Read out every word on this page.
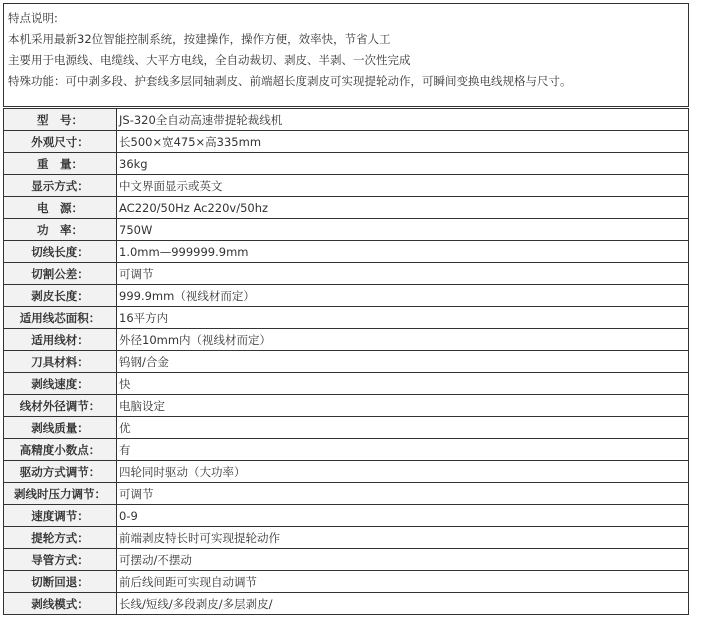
特点说明:
本机采用最新32位智能控制系统，按建操作，操作方便，效率快，节省人工
主要用于电源线、电缆线、大平方电线，全自动裁切、剥皮、半剥、一次性完成
特殊功能：可中剥多段、护套线多层同轴剥皮、前端超长度剥皮可实现提轮动作，可瞬间变换电线规格与尺寸。
型　号：	JS-320全自动高速带提轮裁线机
外观尺寸：	长500×宽475×高335mm
重　量：	36kg
显示方式：	中文界面显示或英文
电　源：	AC220/50Hz Ac220v/50hz
功　率：	750W
切线长度：	1.0mm—999999.9mm
切割公差：	可调节
剥皮长度：	999.9mm（视线材而定）
适用线芯面积：	16平方内
适用线材：	外径10mm内（视线材而定）
刀具材料：	钨钢/合金
剥线速度：	快
线材外径调节：	电脑设定
剥线质量：	优
高精度小数点：	有
驱动方式调节：	四轮同时驱动（大功率）
剥线时压力调节：	可调节
速度调节：	0-9
提轮方式：	前端剥皮特长时可实现提轮动作
导管方式：	可摆动/不摆动
切断回退：	前后线间距可实现自动调节
剥线模式：	长线/短线/多段剥皮/多层剥皮/
